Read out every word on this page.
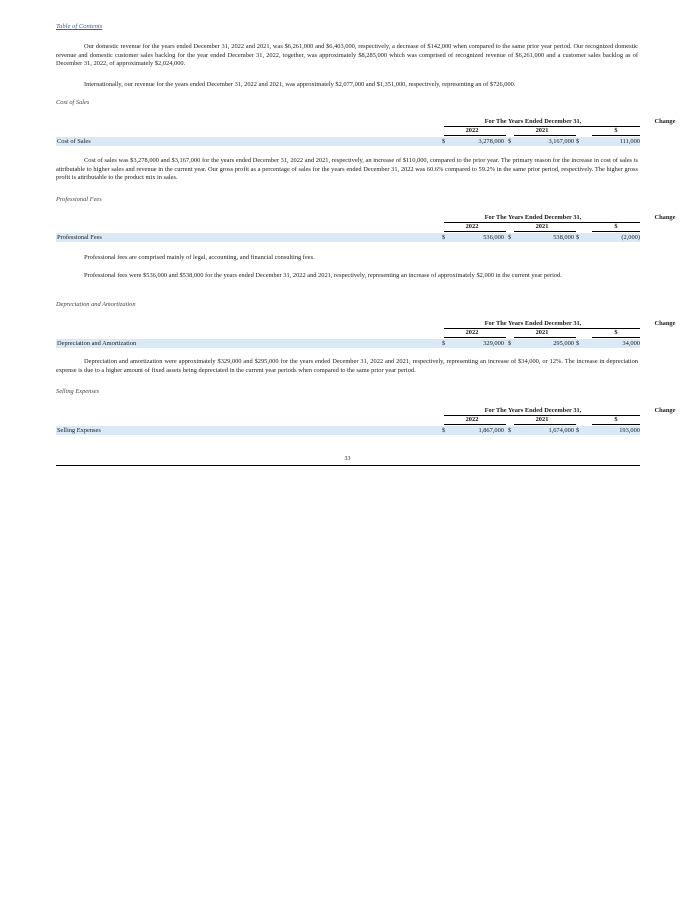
Table of Contents
Our domestic revenue for the years ended December 31, 2022 and 2021, was $6,261,000 and $6,403,000, respectively, a decrease of $142,000 when compared to the same prior year period. Our recognized domestic revenue and domestic customer sales backlog for the year ended December 31, 2022, together, was approximately $8,285,000 which was comprised of recognized revenue of $6,261,000 and a customer sales backlog as of December 31, 2022, of approximately $2,024,000.
Internationally, our revenue for the years ended December 31, 2022 and 2021, was approximately $2,077,000 and $1,351,000, respectively, representing an of $726,000.
Cost of Sales
For The Years Ended December 31,	Change
2022	2021	$
Cost of Sales	$	3,278,000 $	3,167,000 $	111,000
Cost of sales was $3,278,000 and $3,167,000 for the years ended December 31, 2022 and 2021, respectively, an increase of $110,000, compared to the prior year. The primary reason for the increase in cost of sales is attributable to higher sales and revenue in the current year. Our gross profit as a percentage of sales for the years ended December 31, 2022 was 60.6% compared to 59.2% in the same prior period, respectively. The higher gross profit is attributable to the product mix in sales.
Professional Fees
For The Years Ended December 31,	Change
2022	2021	$
Professional Fees	$	536,000 $	538,000 $	(2,000)
Professional fees are comprised mainly of legal, accounting, and financial consulting fees.
Professional fees were $536,000 and $538,000 for the years ended December 31, 2022 and 2021, respectively, representing an increase of approximately $2,000 in the current year period.
Depreciation and Amortization
For The Years Ended December 31,	Change
2022	2021	$
Depreciation and Amortization	$	329,000 $	295,000 $	34,000
Depreciation and amortization were approximately $329,000 and $295,000 for the years ended December 31, 2022 and 2021, respectively, representing an increase of $34,000, or 12%. The increase in depreciation expense is due to a higher amount of fixed assets being depreciated in the current year periods when compared to the same prior year period.
Selling Expenses
For The Years Ended December 31,	Change
2022	2021	$
Selling Expenses	$	1,867,000 $	1,674,000 $	193,000
33
